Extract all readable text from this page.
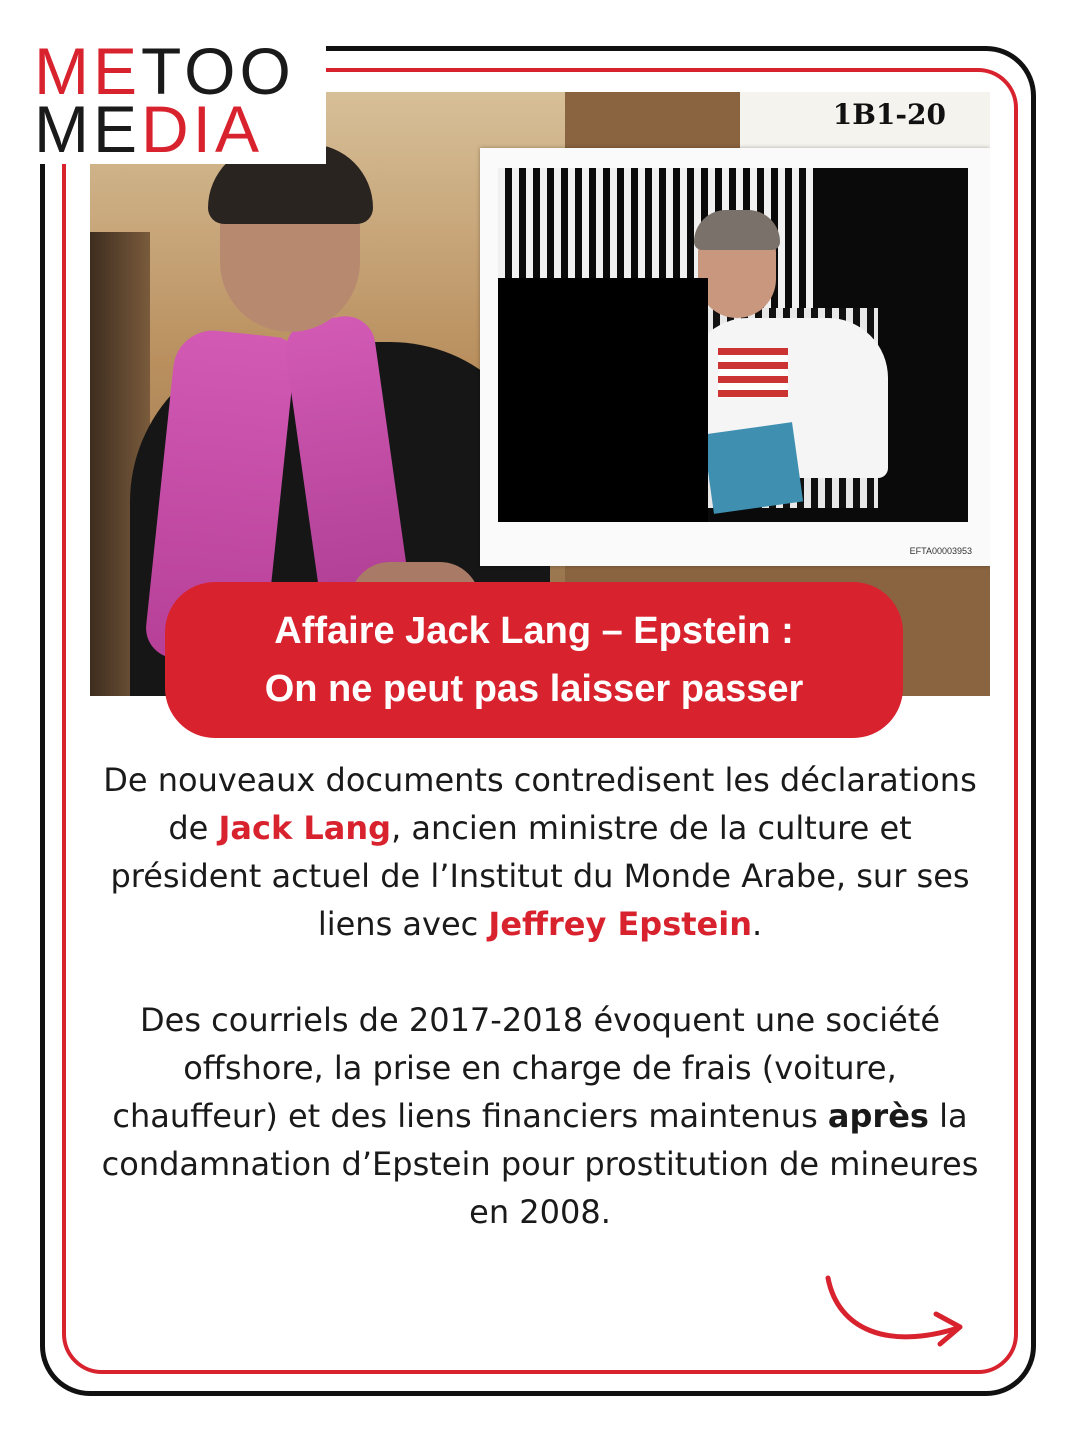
METOO
MEDIA	1B1-20
EFTA00003953
Affaire Jack Lang – Epstein :
On ne peut pas laisser passer

De nouveaux documents contredisent les déclarations de Jack Lang, ancien ministre de la culture et président actuel de l’Institut du Monde Arabe, sur ses liens avec Jeffrey Epstein.

Des courriels de 2017-2018 évoquent une société offshore, la prise en charge de frais (voiture, chauffeur) et des liens financiers maintenus après la condamnation d’Epstein pour prostitution de mineures en 2008.
